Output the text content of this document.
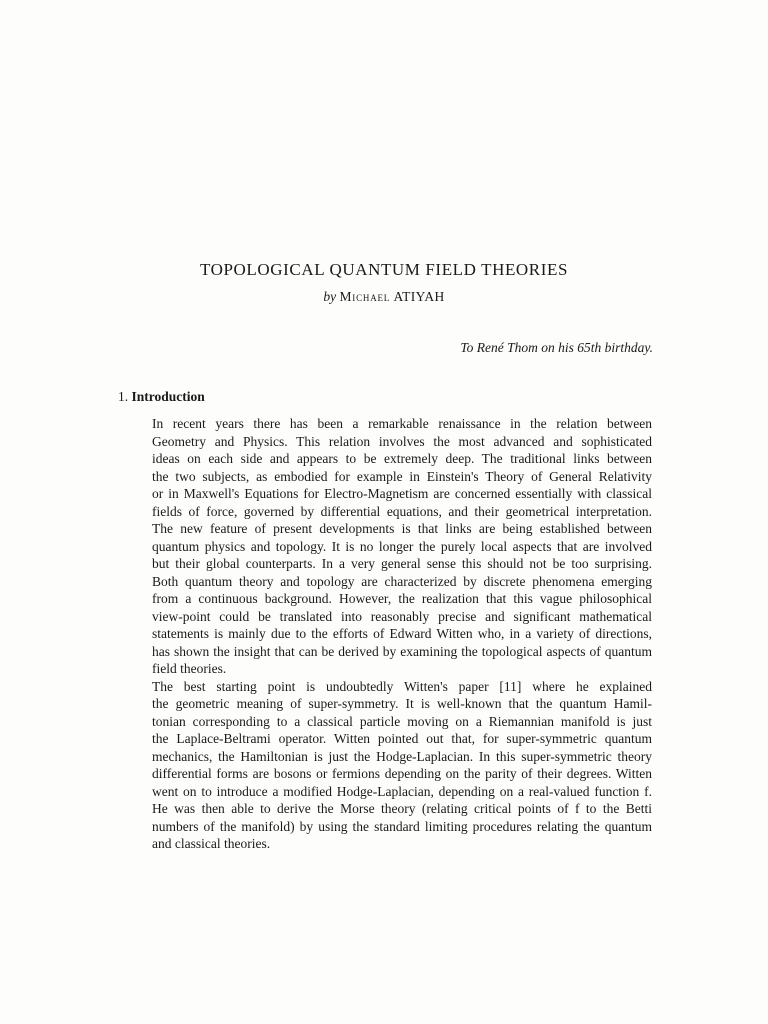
TOPOLOGICAL QUANTUM FIELD THEORIES

by Michael ATIYAH

To René Thom on his 65th birthday.

1. Introduction

In recent years there has been a remarkable renaissance in the relation between
Geometry and Physics. This relation involves the most advanced and sophisticated
ideas on each side and appears to be extremely deep. The traditional links between
the two subjects, as embodied for example in Einstein's Theory of General Relativity
or in Maxwell's Equations for Electro-Magnetism are concerned essentially with classical
fields of force, governed by differential equations, and their geometrical interpretation.
The new feature of present developments is that links are being established between
quantum physics and topology. It is no longer the purely local aspects that are involved
but their global counterparts. In a very general sense this should not be too surprising.
Both quantum theory and topology are characterized by discrete phenomena emerging
from a continuous background. However, the realization that this vague philosophical
view-point could be translated into reasonably precise and significant mathematical
statements is mainly due to the efforts of Edward Witten who, in a variety of directions,
has shown the insight that can be derived by examining the topological aspects of quantum
field theories.

The best starting point is undoubtedly Witten's paper [11] where he explained
the geometric meaning of super-symmetry. It is well-known that the quantum Hamil-
tonian corresponding to a classical particle moving on a Riemannian manifold is just
the Laplace-Beltrami operator. Witten pointed out that, for super-symmetric quantum
mechanics, the Hamiltonian is just the Hodge-Laplacian. In this super-symmetric theory
differential forms are bosons or fermions depending on the parity of their degrees. Witten
went on to introduce a modified Hodge-Laplacian, depending on a real-valued function f.
He was then able to derive the Morse theory (relating critical points of f to the Betti
numbers of the manifold) by using the standard limiting procedures relating the quantum
and classical theories.
